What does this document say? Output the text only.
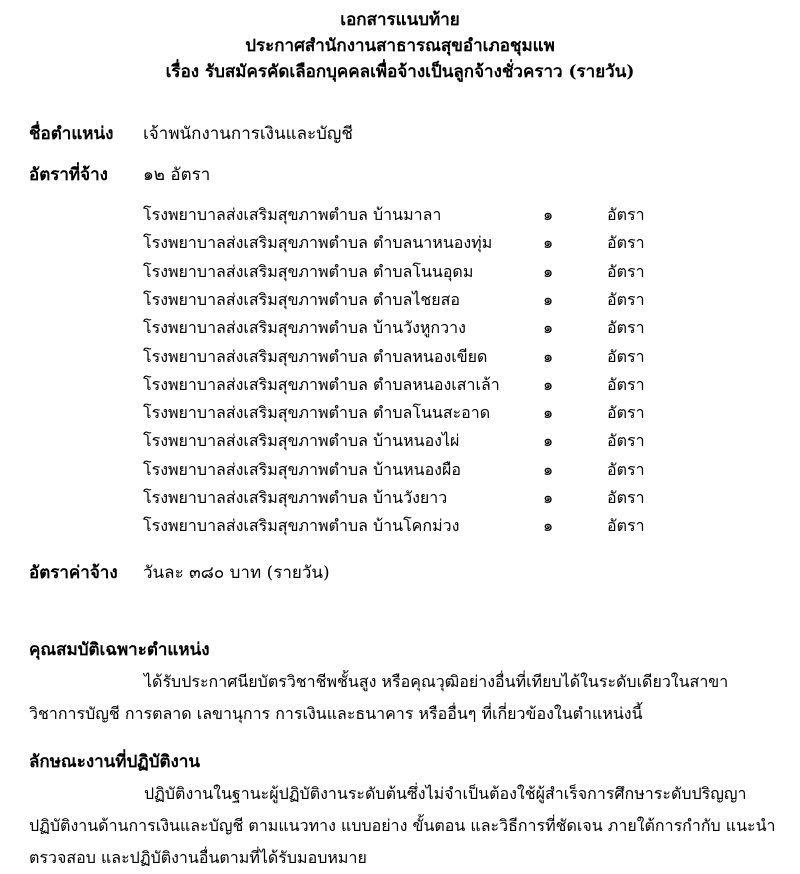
เอกสารแนบท้าย
ประกาศสำนักงานสาธารณสุขอำเภอชุมแพ
เรื่อง รับสมัครคัดเลือกบุคคลเพื่อจ้างเป็นลูกจ้างชั่วคราว (รายวัน)
ชื่อตำแหน่ง เจ้าพนักงานการเงินและบัญชี
อัตราที่จ้าง ๑๒ อัตรา
โรงพยาบาลส่งเสริมสุขภาพตำบล บ้านมาลา	๑	อัตรา
โรงพยาบาลส่งเสริมสุขภาพตำบล ตำบลนาหนองทุ่ม	๑	อัตรา
โรงพยาบาลส่งเสริมสุขภาพตำบล ตำบลโนนอุดม	๑	อัตรา
โรงพยาบาลส่งเสริมสุขภาพตำบล ตำบลไชยสอ	๑	อัตรา
โรงพยาบาลส่งเสริมสุขภาพตำบล บ้านวังหูกวาง	๑	อัตรา
โรงพยาบาลส่งเสริมสุขภาพตำบล ตำบลหนองเขียด	๑	อัตรา
โรงพยาบาลส่งเสริมสุขภาพตำบล ตำบลหนองเสาเล้า	๑	อัตรา
โรงพยาบาลส่งเสริมสุขภาพตำบล ตำบลโนนสะอาด	๑	อัตรา
โรงพยาบาลส่งเสริมสุขภาพตำบล บ้านหนองไผ่	๑	อัตรา
โรงพยาบาลส่งเสริมสุขภาพตำบล บ้านหนองผือ	๑	อัตรา
โรงพยาบาลส่งเสริมสุขภาพตำบล บ้านวังยาว	๑	อัตรา
โรงพยาบาลส่งเสริมสุขภาพตำบล บ้านโคกม่วง	๑	อัตรา
อัตราค่าจ้าง วันละ ๓๘๐ บาท (รายวัน)
คุณสมบัติเฉพาะตำแหน่ง
ได้รับประกาศนียบัตรวิชาชีพชั้นสูง หรือคุณวุฒิอย่างอื่นที่เทียบได้ในระดับเดียวในสาขาวิชาการบัญชี การตลาด เลขานุการ การเงินและธนาคาร หรืออื่นๆ ที่เกี่ยวข้องในตำแหน่งนี้
ลักษณะงานที่ปฏิบัติงาน
ปฏิบัติงานในฐานะผู้ปฏิบัติงานระดับต้นซึ่งไม่จำเป็นต้องใช้ผู้สำเร็จการศึกษาระดับปริญญาปฏิบัติงานด้านการเงินและบัญชี ตามแนวทาง แบบอย่าง ขั้นตอน และวิธีการที่ชัดเจน ภายใต้การกำกับ แนะนำ ตรวจสอบ และปฏิบัติงานอื่นตามที่ได้รับมอบหมาย
